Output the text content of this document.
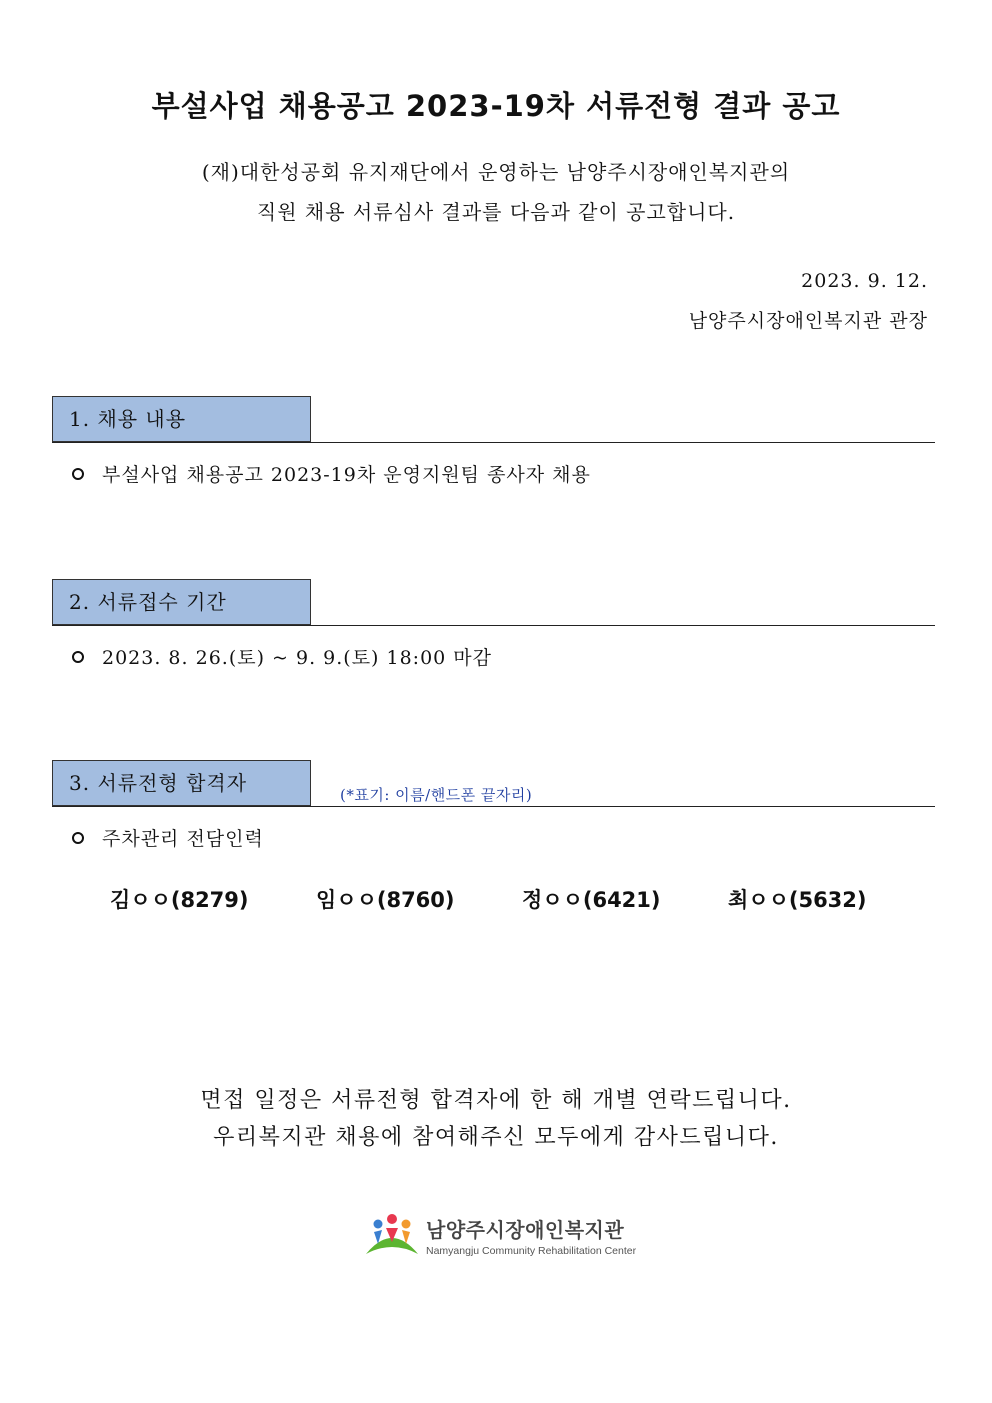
부설사업 채용공고 2023-19차 서류전형 결과 공고
(재)대한성공회 유지재단에서 운영하는 남양주시장애인복지관의
직원 채용 서류심사 결과를 다음과 같이 공고합니다.
2023. 9. 12.
남양주시장애인복지관 관장
1. 채용 내용
부설사업 채용공고 2023-19차 운영지원팀 종사자 채용
2. 서류접수 기간
2023. 8. 26.(토) ~ 9. 9.(토) 18:00 마감
3. 서류전형 합격자	(*표기: 이름/핸드폰 끝자리)
주차관리 전담인력
김ㅇㅇ(8279)	임ㅇㅇ(8760)	정ㅇㅇ(6421)	최ㅇㅇ(5632)
면접 일정은 서류전형 합격자에 한 해 개별 연락드립니다.
우리복지관 채용에 참여해주신 모두에게 감사드립니다.
남양주시장애인복지관
Namyangju Community Rehabilitation Center
